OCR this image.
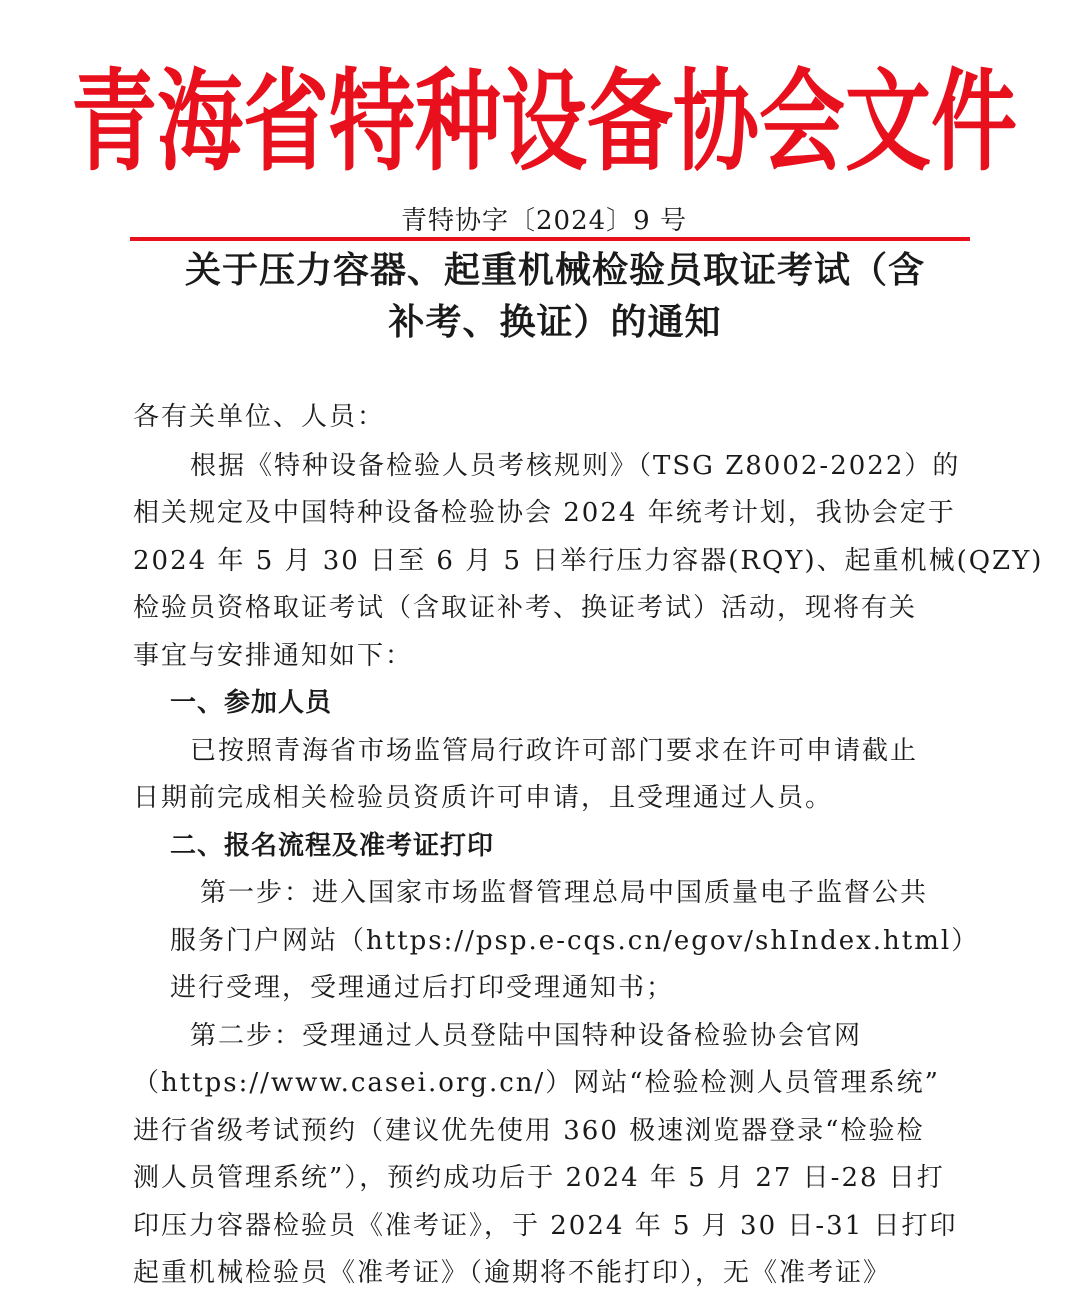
青海省特种设备协会文件
青特协字〔2024〕9 号
关于压力容器、起重机械检验员取证考试（含
补考、换证）的通知
各有关单位、人员：
根据《特种设备检验人员考核规则》（TSG Z8002-2022）的
相关规定及中国特种设备检验协会 2024 年统考计划，我协会定于
2024 年 5 月 30 日至 6 月 5 日举行压力容器(RQY)、起重机械(QZY)
检验员资格取证考试（含取证补考、换证考试）活动，现将有关
事宜与安排通知如下：
一、参加人员
已按照青海省市场监管局行政许可部门要求在许可申请截止
日期前完成相关检验员资质许可申请，且受理通过人员。
二、报名流程及准考证打印
第一步：进入国家市场监督管理总局中国质量电子监督公共
服务门户网站（https://psp.e-cqs.cn/egov/shIndex.html）
进行受理，受理通过后打印受理通知书；
第二步：受理通过人员登陆中国特种设备检验协会官网
（https://www.casei.org.cn/）网站“检验检测人员管理系统”
进行省级考试预约（建议优先使用 360 极速浏览器登录“检验检
测人员管理系统”），预约成功后于 2024 年 5 月 27 日-28 日打
印压力容器检验员《准考证》，于 2024 年 5 月 30 日-31 日打印
起重机械检验员《准考证》（逾期将不能打印），无《准考证》
